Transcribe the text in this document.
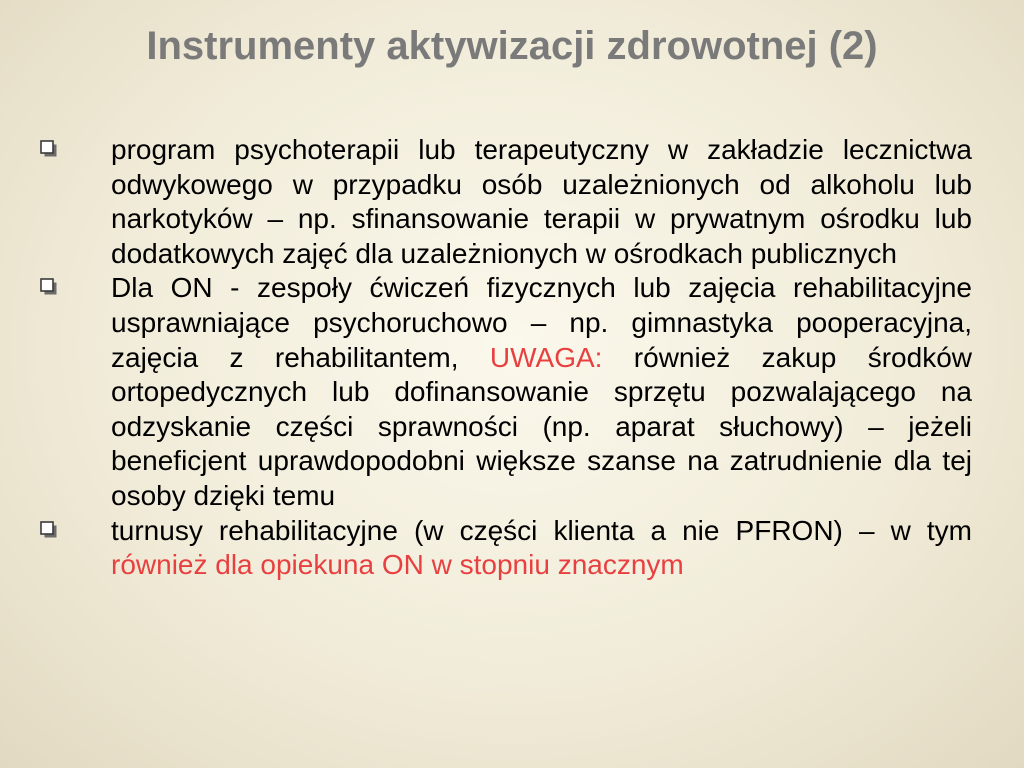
Instrumenty aktywizacji zdrowotnej (2)
program psychoterapii lub terapeutyczny w zakładzie lecznictwa odwykowego w przypadku osób uzależnionych od alkoholu lub narkotyków – np. sfinansowanie terapii w prywatnym ośrodku lub dodatkowych zajęć dla uzależnionych w ośrodkach publicznych
Dla ON - zespoły ćwiczeń fizycznych lub zajęcia rehabilitacyjne usprawniające psychoruchowo – np. gimnastyka pooperacyjna, zajęcia z rehabilitantem, UWAGA: również zakup środków ortopedycznych lub dofinansowanie sprzętu pozwalającego na odzyskanie części sprawności (np. aparat słuchowy) – jeżeli beneficjent uprawdopodobni większe szanse na zatrudnienie dla tej osoby dzięki temu
turnusy rehabilitacyjne (w części klienta a nie PFRON) – w tym również dla opiekuna ON w stopniu znacznym
